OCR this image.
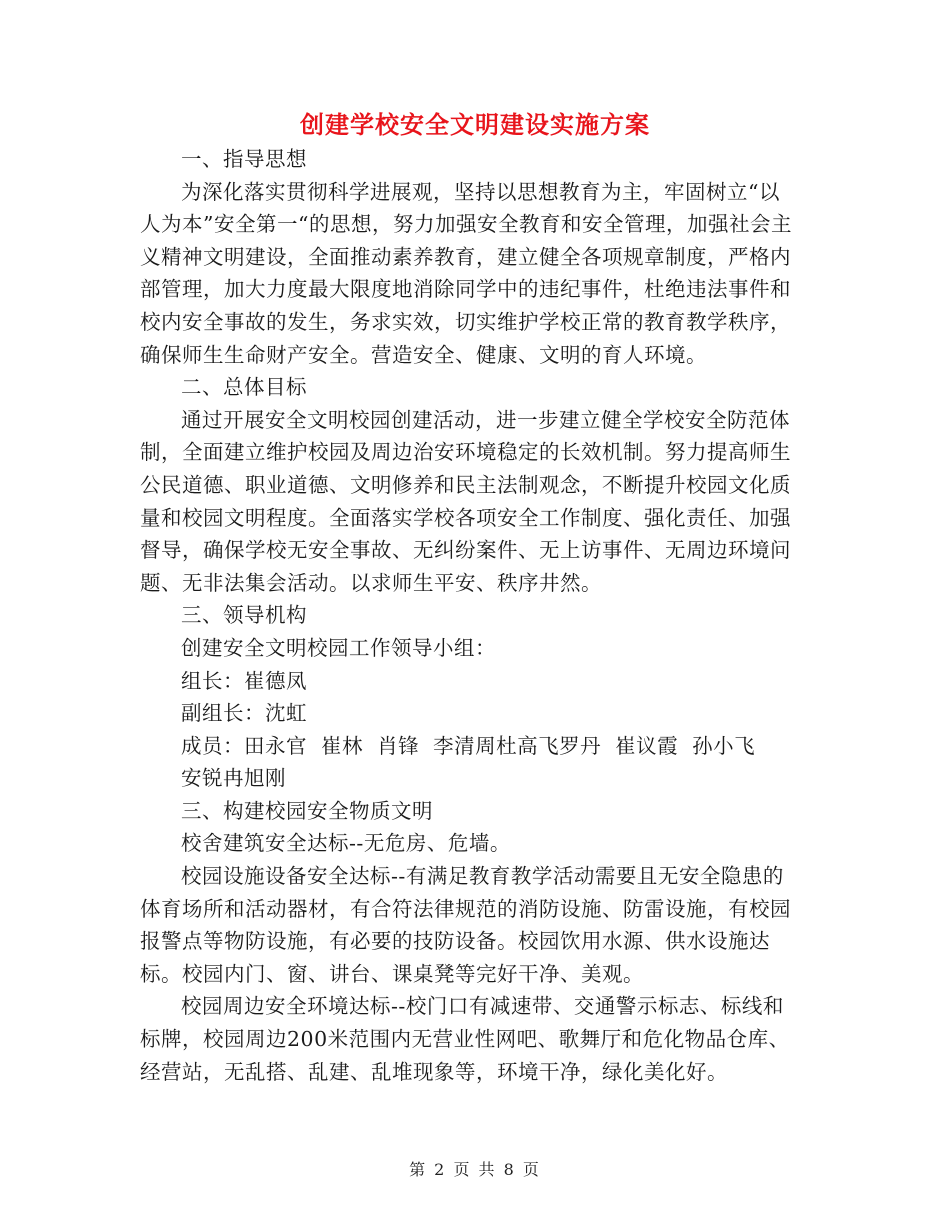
创建学校安全文明建设实施方案

一、指导思想

为深化落实贯彻科学进展观，坚持以思想教育为主，牢固树立“以人为本”安全第一“的思想，努力加强安全教育和安全管理，加强社会主义精神文明建设，全面推动素养教育，建立健全各项规章制度，严格内部管理，加大力度最大限度地消除同学中的违纪事件，杜绝违法事件和校内安全事故的发生，务求实效，切实维护学校正常的教育教学秩序，确保师生生命财产安全。营造安全、健康、文明的育人环境。

二、总体目标

通过开展安全文明校园创建活动，进一步建立健全学校安全防范体制，全面建立维护校园及周边治安环境稳定的长效机制。努力提高师生公民道德、职业道德、文明修养和民主法制观念，不断提升校园文化质量和校园文明程度。全面落实学校各项安全工作制度、强化责任、加强督导，确保学校无安全事故、无纠纷案件、无上访事件、无周边环境问题、无非法集会活动。以求师生平安、秩序井然。

三、领导机构

创建安全文明校园工作领导小组：

组长：崔德凤

副组长：沈虹

成员：田永官  崔林  肖锋  李清周杜高飞罗丹  崔议霞  孙小飞

安锐冉旭刚

三、构建校园安全物质文明

校舍建筑安全达标--无危房、危墙。

校园设施设备安全达标--有满足教育教学活动需要且无安全隐患的体育场所和活动器材，有合符法律规范的消防设施、防雷设施，有校园报警点等物防设施，有必要的技防设备。校园饮用水源、供水设施达标。校园内门、窗、讲台、课桌凳等完好干净、美观。

校园周边安全环境达标--校门口有减速带、交通警示标志、标线和标牌，校园周边200米范围内无营业性网吧、歌舞厅和危化物品仓库、经营站，无乱搭、乱建、乱堆现象等，环境干净，绿化美化好。

第 2 页 共 8 页
